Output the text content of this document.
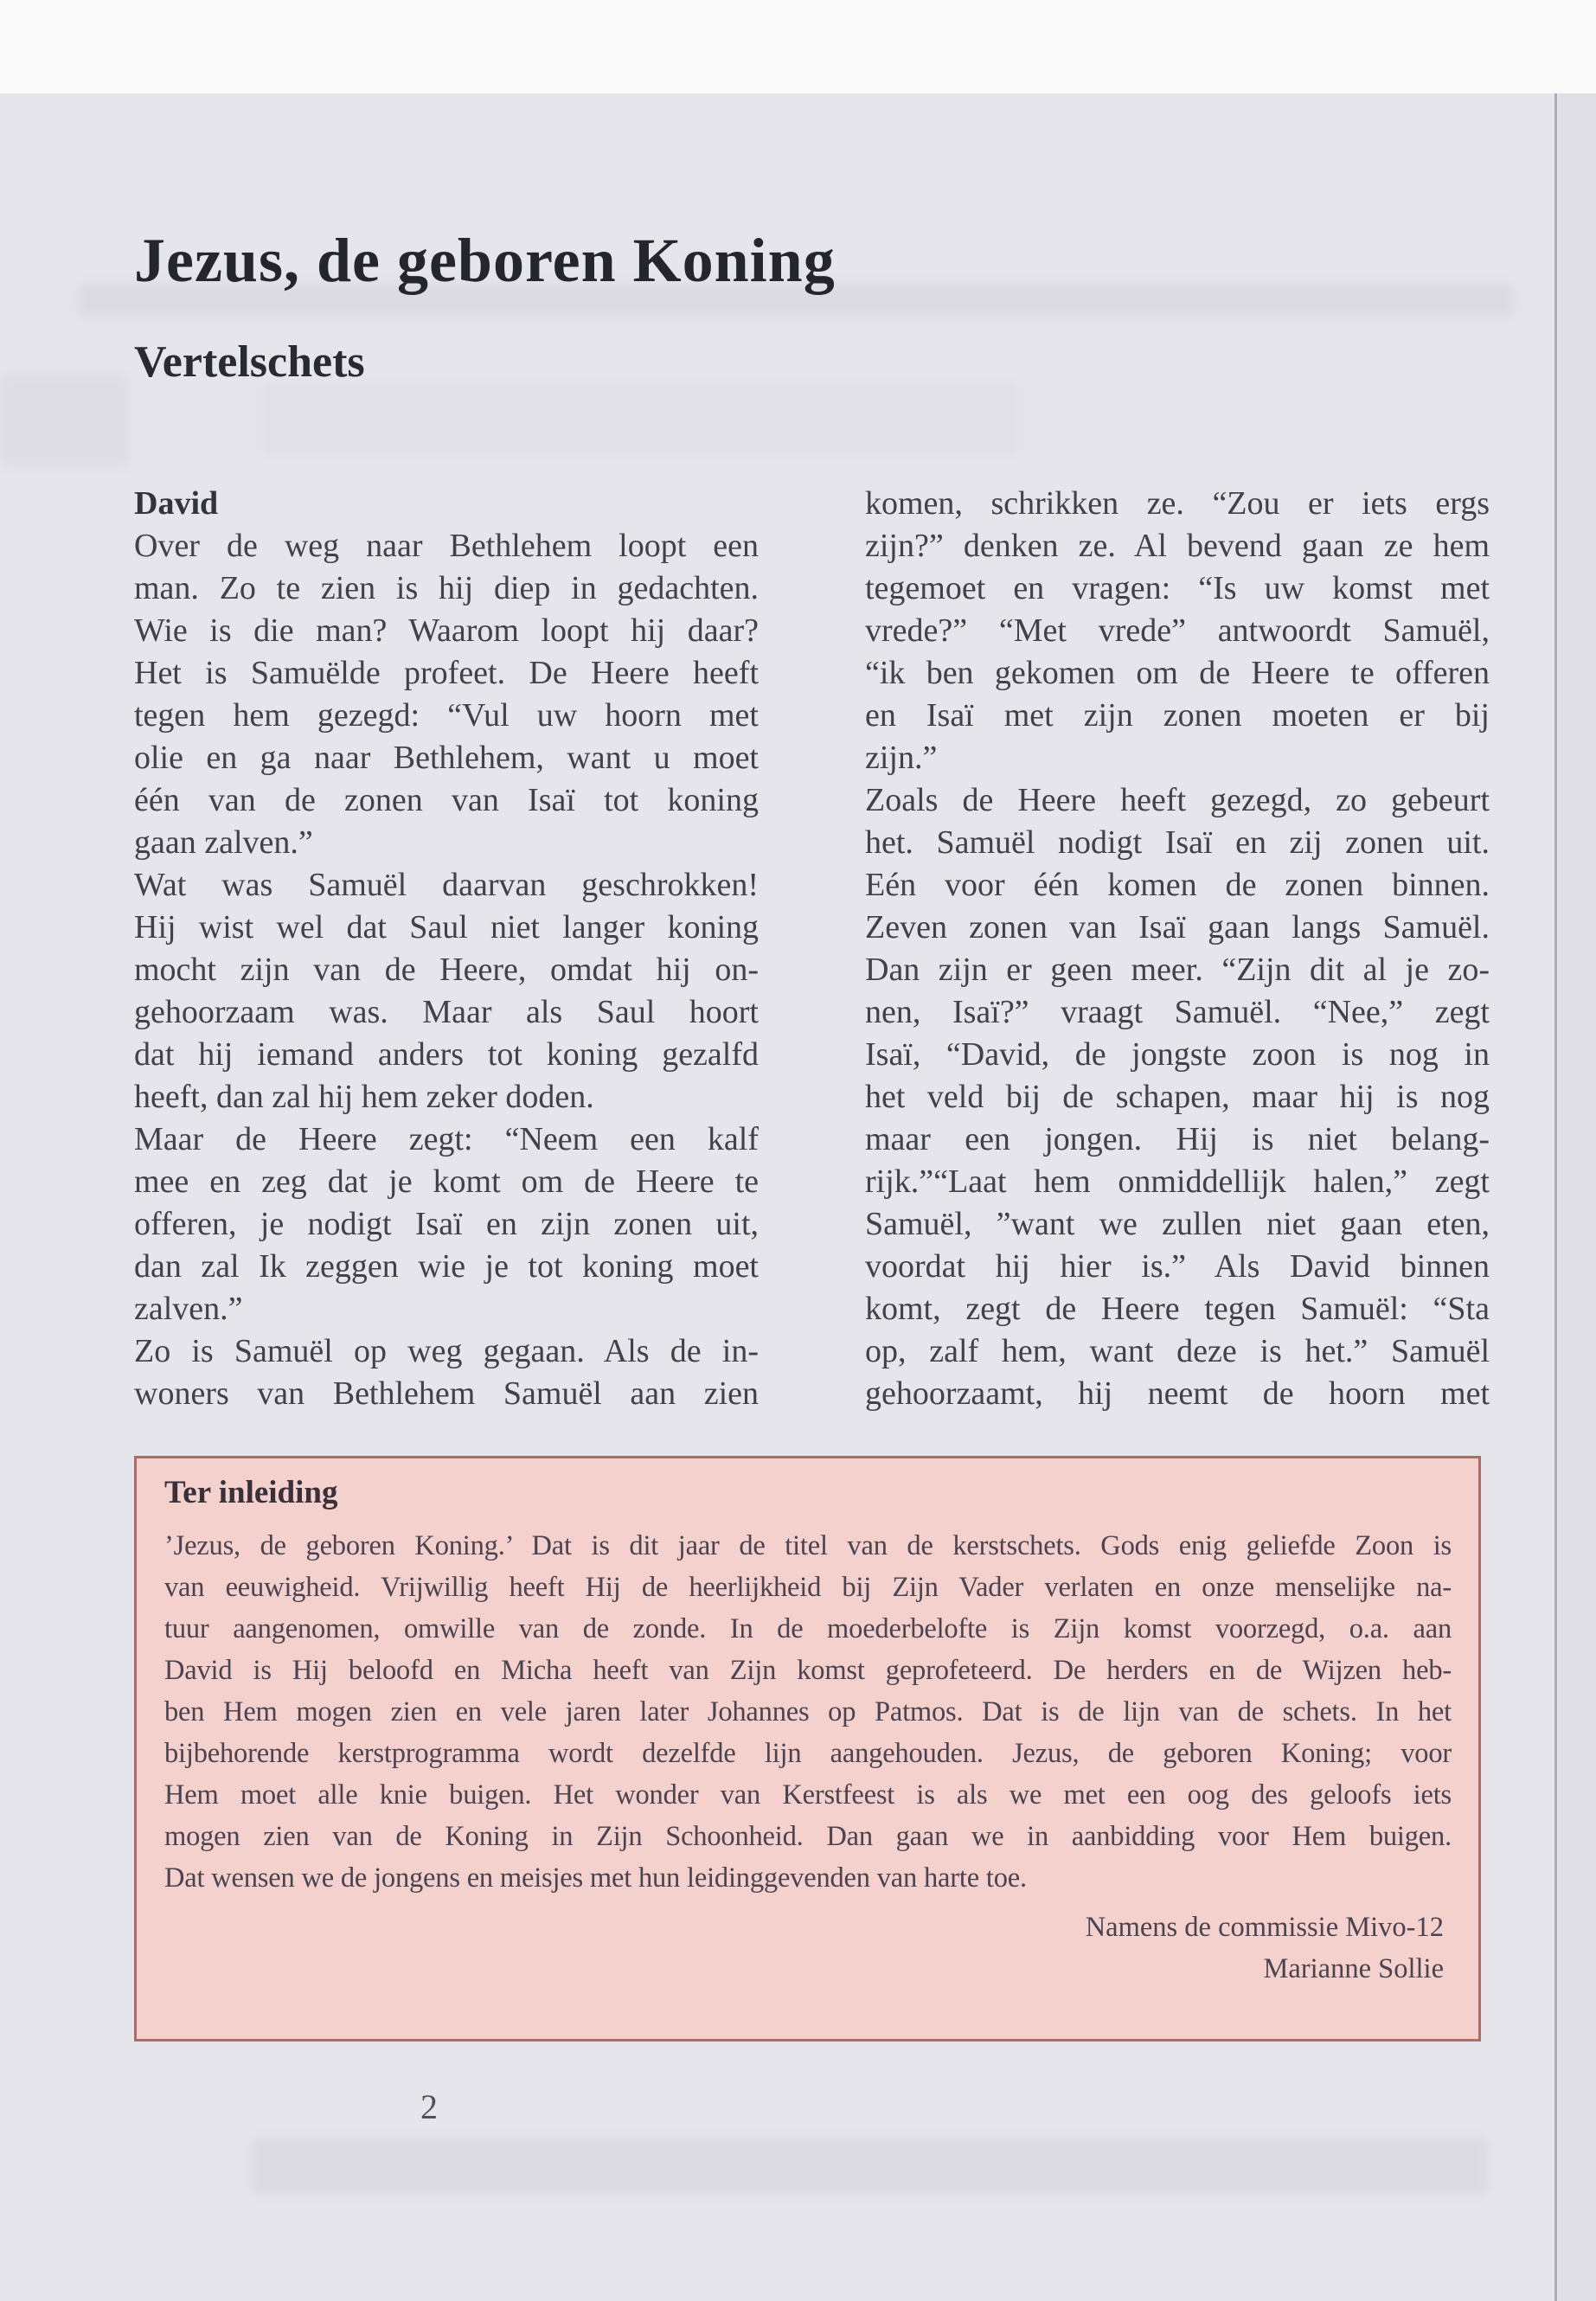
Jezus, de geboren Koning
Vertelschets
David
Over de weg naar Bethlehem loopt een
man. Zo te zien is hij diep in gedachten.
Wie is die man? Waarom loopt hij daar?
Het is Samuëlde profeet. De Heere heeft
tegen hem gezegd: “Vul uw hoorn met
olie en ga naar Bethlehem, want u moet
één van de zonen van Isaï tot koning
gaan zalven.”
Wat was Samuël daarvan geschrokken!
Hij wist wel dat Saul niet langer koning
mocht zijn van de Heere, omdat hij on-
gehoorzaam was. Maar als Saul hoort
dat hij iemand anders tot koning gezalfd
heeft, dan zal hij hem zeker doden.
Maar de Heere zegt: “Neem een kalf
mee en zeg dat je komt om de Heere te
offeren, je nodigt Isaï en zijn zonen uit,
dan zal Ik zeggen wie je tot koning moet
zalven.”
Zo is Samuël op weg gegaan. Als de in-
woners van Bethlehem Samuël aan zien
komen, schrikken ze. “Zou er iets ergs
zijn?” denken ze. Al bevend gaan ze hem
tegemoet en vragen: “Is uw komst met
vrede?” “Met vrede” antwoordt Samuël,
“ik ben gekomen om de Heere te offeren
en Isaï met zijn zonen moeten er bij
zijn.”
Zoals de Heere heeft gezegd, zo gebeurt
het. Samuël nodigt Isaï en zij zonen uit.
Eén voor één komen de zonen binnen.
Zeven zonen van Isaï gaan langs Samuël.
Dan zijn er geen meer. “Zijn dit al je zo-
nen, Isaï?” vraagt Samuël. “Nee,” zegt
Isaï, “David, de jongste zoon is nog in
het veld bij de schapen, maar hij is nog
maar een jongen. Hij is niet belang-
rijk.”“Laat hem onmiddellijk halen,” zegt
Samuël, ”want we zullen niet gaan eten,
voordat hij hier is.” Als David binnen
komt, zegt de Heere tegen Samuël: “Sta
op, zalf hem, want deze is het.” Samuël
gehoorzaamt, hij neemt de hoorn met
Ter inleiding
’Jezus, de geboren Koning.’ Dat is dit jaar de titel van de kerstschets. Gods enig geliefde Zoon is
van eeuwigheid. Vrijwillig heeft Hij de heerlijkheid bij Zijn Vader verlaten en onze menselijke na-
tuur aangenomen, omwille van de zonde. In de moederbelofte is Zijn komst voorzegd, o.a. aan
David is Hij beloofd en Micha heeft van Zijn komst geprofeteerd. De herders en de Wijzen heb-
ben Hem mogen zien en vele jaren later Johannes op Patmos. Dat is de lijn van de schets. In het
bijbehorende kerstprogramma wordt dezelfde lijn aangehouden. Jezus, de geboren Koning; voor
Hem moet alle knie buigen. Het wonder van Kerstfeest is als we met een oog des geloofs iets
mogen zien van de Koning in Zijn Schoonheid. Dan gaan we in aanbidding voor Hem buigen.
Dat wensen we de jongens en meisjes met hun leidinggevenden van harte toe.
Namens de commissie Mivo-12
Marianne Sollie
2
